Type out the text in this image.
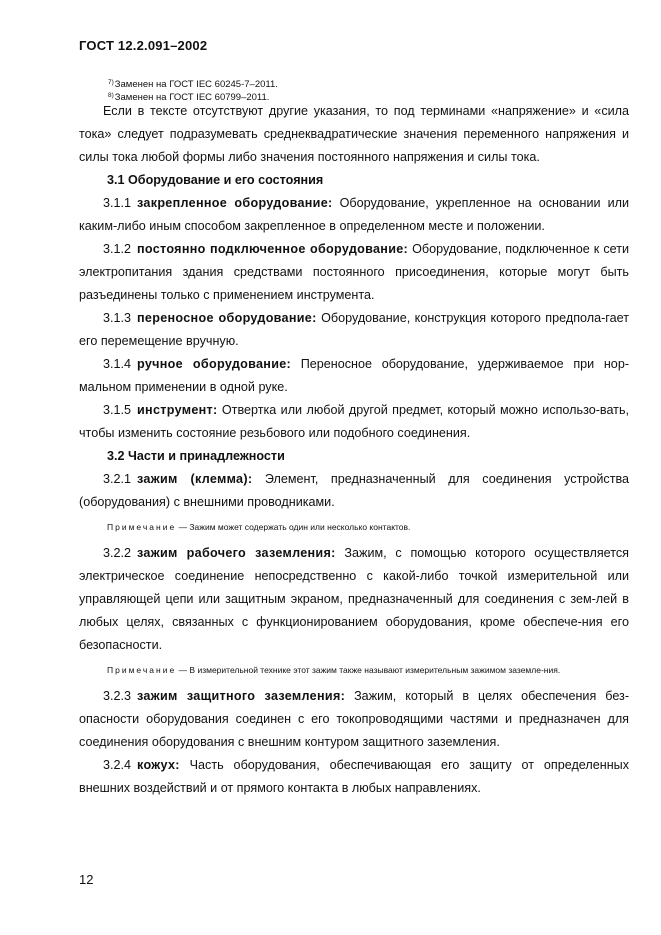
ГОСТ 12.2.091–2002
$^{7)}$Заменен на ГОСТ IEC 60245-7–2011.
$^{8)}$Заменен на ГОСТ IEC 60799–2011.

Если в тексте отсутствуют другие указания, то под терминами «напряжение» и «сила тока» следует подразумевать среднеквадратические значения переменного напряжения и силы тока любой формы либо значения постоянного напряжения и силы тока.

3.1 Оборудование и его состояния

3.1.1 закрепленное оборудование: Оборудование, укрепленное на основании или каким-либо иным способом закрепленное в определенном месте и положении.

3.1.2 постоянно подключенное оборудование: Оборудование, подключенное к сети электропитания здания средствами постоянного присоединения, которые могут быть разъединены только с применением инструмента.

3.1.3 переносное оборудование: Оборудование, конструкция которого предпола-гает его перемещение вручную.

3.1.4 ручное оборудование: Переносное оборудование, удерживаемое при нор-мальном применении в одной руке.

3.1.5 инструмент: Отвертка или любой другой предмет, который можно использо-вать, чтобы изменить состояние резьбового или подобного соединения.

3.2 Части и принадлежности

3.2.1 зажим (клемма): Элемент, предназначенный для соединения устройства (оборудования) с внешними проводниками.

Примечание — Зажим может содержать один или несколько контактов.

3.2.2 зажим рабочего заземления: Зажим, с помощью которого осуществляется электрическое соединение непосредственно с какой-либо точкой измерительной или управляющей цепи или защитным экраном, предназначенный для соединения с зем-лей в любых целях, связанных с функционированием оборудования, кроме обеспече-ния его безопасности.

Примечание — В измерительной технике этот зажим также называют измерительным зажимом заземле-ния.

3.2.3 зажим защитного заземления: Зажим, который в целях обеспечения без-опасности оборудования соединен с его токопроводящими частями и предназначен для соединения оборудования с внешним контуром защитного заземления.

3.2.4 кожух: Часть оборудования, обеспечивающая его защиту от определенных внешних воздействий и от прямого контакта в любых направлениях.

12
